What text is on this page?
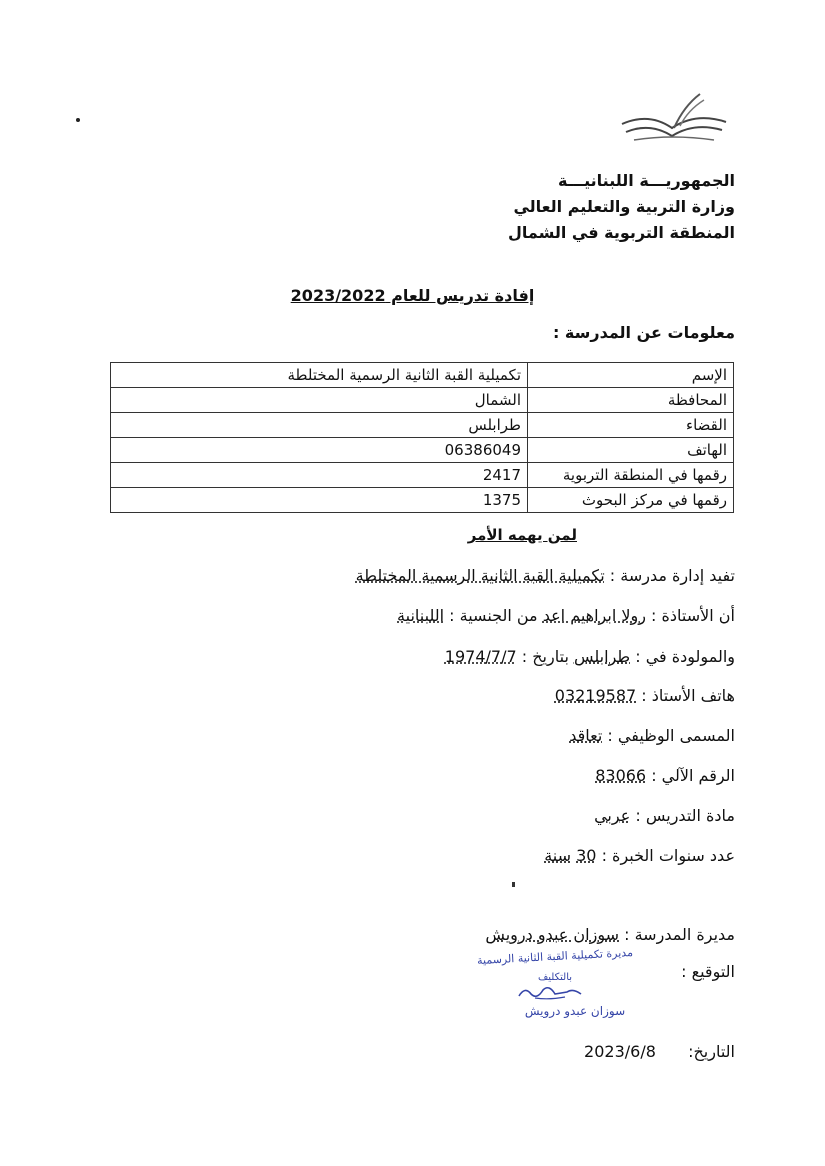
الجمهوريـــة اللبنانيـــة
وزارة التربية والتعليم العالي
المنطقة التربوية في الشمال
إفادة تدريس للعام 2023/2022
معلومات عن المدرسة :
الإسم	تكميلية القبة الثانية الرسمية المختلطة
المحافظة	الشمال
القضاء	طرابلس
الهاتف	06386049
رقمها في المنطقة التربوية	2417
رقمها في مركز البحوث	1375
لمن يهمه الأمر
تفيد إدارة مدرسة : تكميلية القبة الثانية الرسمية المختلطة
أن الأستاذة : رولا ابراهيم اعد من الجنسية : اللبنانية
والمولودة في : طرابلس بتاريخ : 1974/7/7
هاتف الأستاذ : 03219587
المسمى الوظيفي : تعاقد
الرقم الآلي : 83066
مادة التدريس : عربي
عدد سنوات الخبرة : 30 سنة
مديرة المدرسة : سوزان عبدو درويش
التوقيع :
مديرة تكميلية القبة الثانية الرسمية
بالتكليف
سوزان عبدو درويش
التاريخ:  2023/6/8
